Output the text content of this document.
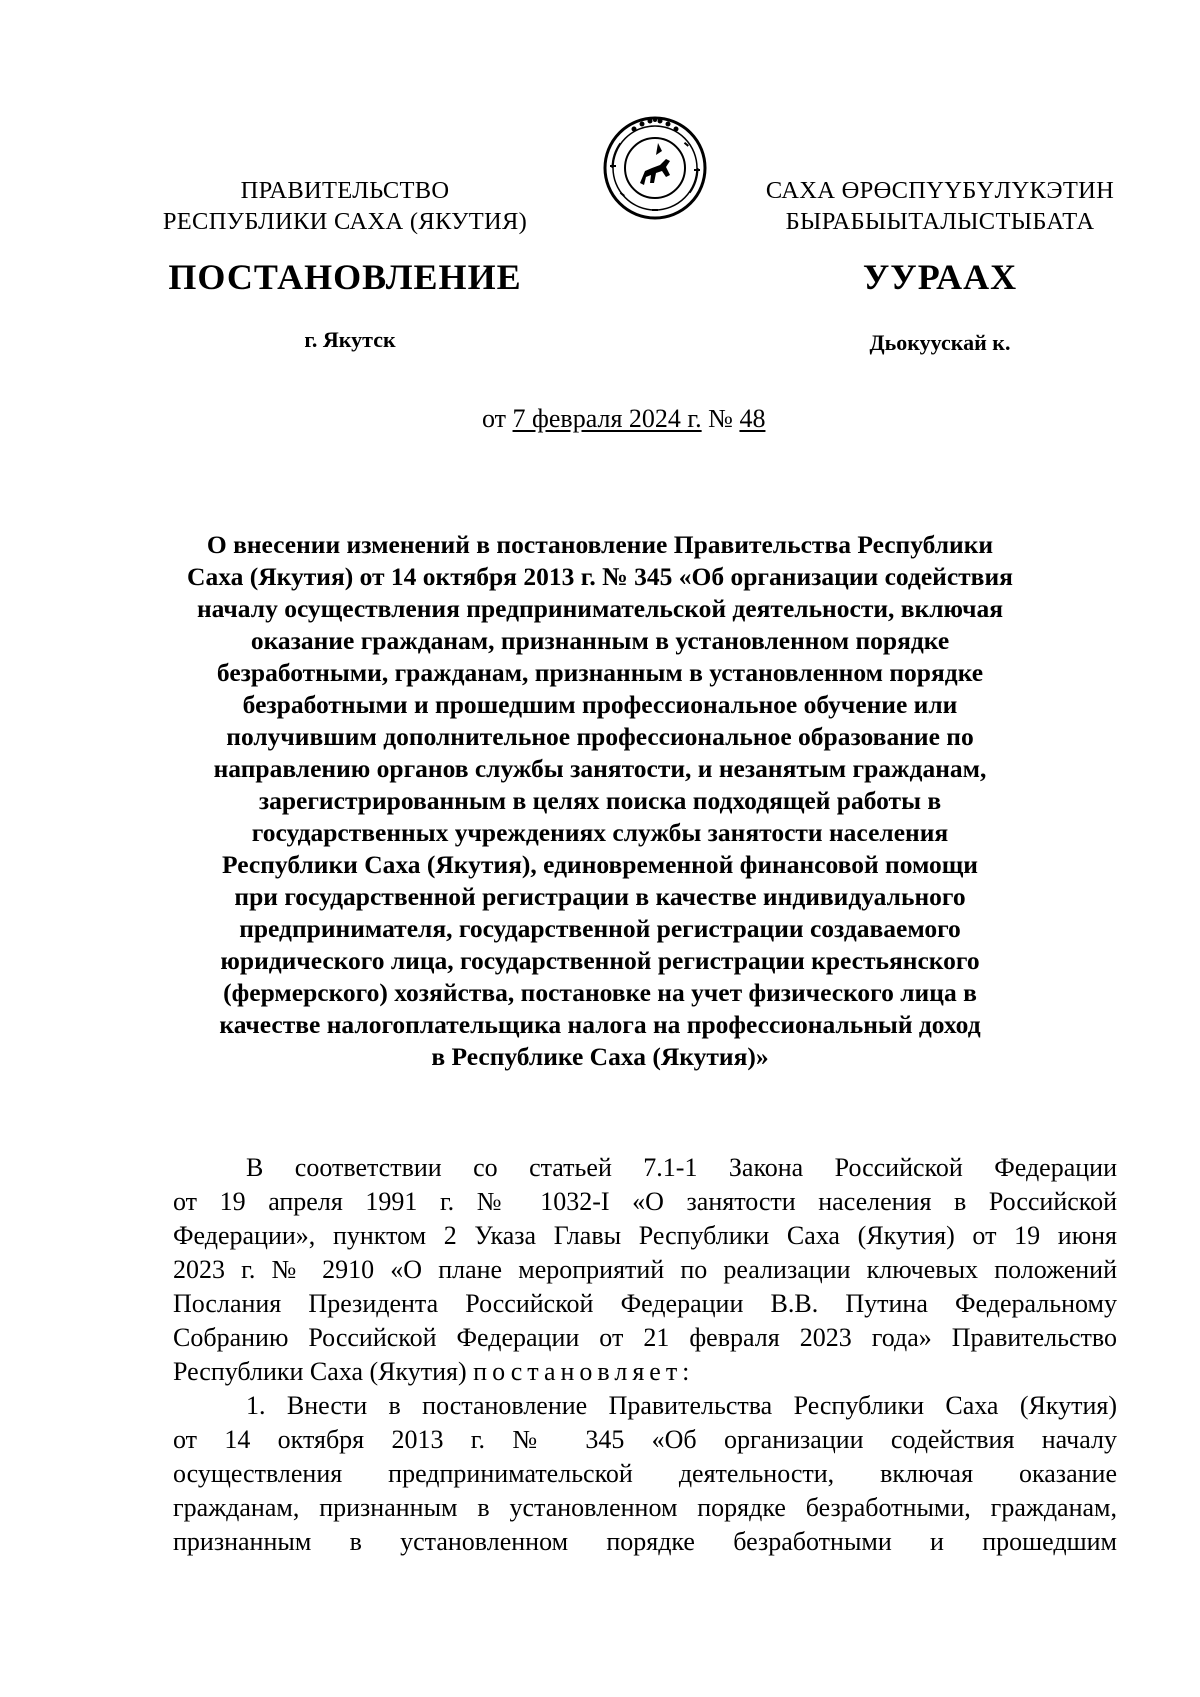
ПРАВИТЕЛЬСТВО
РЕСПУБЛИКИ САХА (ЯКУТИЯ)
САХА ӨРӨСПҮҮБҮЛҮКЭТИН
БЫРАБЫЫТАЛЫСТЫБАТА
ПОСТАНОВЛЕНИЕ	УУРААХ
г. Якутск	Дьокуускай к.
от 7 февраля 2024 г. № 48
О внесении изменений в постановление Правительства Республики
Саха (Якутия) от 14 октября 2013 г. № 345 «Об организации содействия
началу осуществления предпринимательской деятельности, включая
оказание гражданам, признанным в установленном порядке
безработными, гражданам, признанным в установленном порядке
безработными и прошедшим профессиональное обучение или
получившим дополнительное профессиональное образование по
направлению органов службы занятости, и незанятым гражданам,
зарегистрированным в целях поиска подходящей работы в
государственных учреждениях службы занятости населения
Республики Саха (Якутия), единовременной финансовой помощи
при государственной регистрации в качестве индивидуального
предпринимателя, государственной регистрации создаваемого
юридического лица, государственной регистрации крестьянского
(фермерского) хозяйства, постановке на учет физического лица в
качестве налогоплательщика налога на профессиональный доход
в Республике Саха (Якутия)»
В соответствии со статьей 7.1-1 Закона Российской Федерации
от 19 апреля 1991 г. № 1032-I «О занятости населения в Российской
Федерации», пунктом 2 Указа Главы Республики Саха (Якутия) от 19 июня
2023 г. № 2910 «О плане мероприятий по реализации ключевых положений
Послания Президента Российской Федерации В.В. Путина Федеральному
Собранию Российской Федерации от 21 февраля 2023 года» Правительство
Республики Саха (Якутия) постановляет:
1. Внести в постановление Правительства Республики Саха (Якутия)
от 14 октября 2013 г. № 345 «Об организации содействия началу
осуществления предпринимательской деятельности, включая оказание
гражданам, признанным в установленном порядке безработными, гражданам,
признанным в установленном порядке безработными и прошедшим
